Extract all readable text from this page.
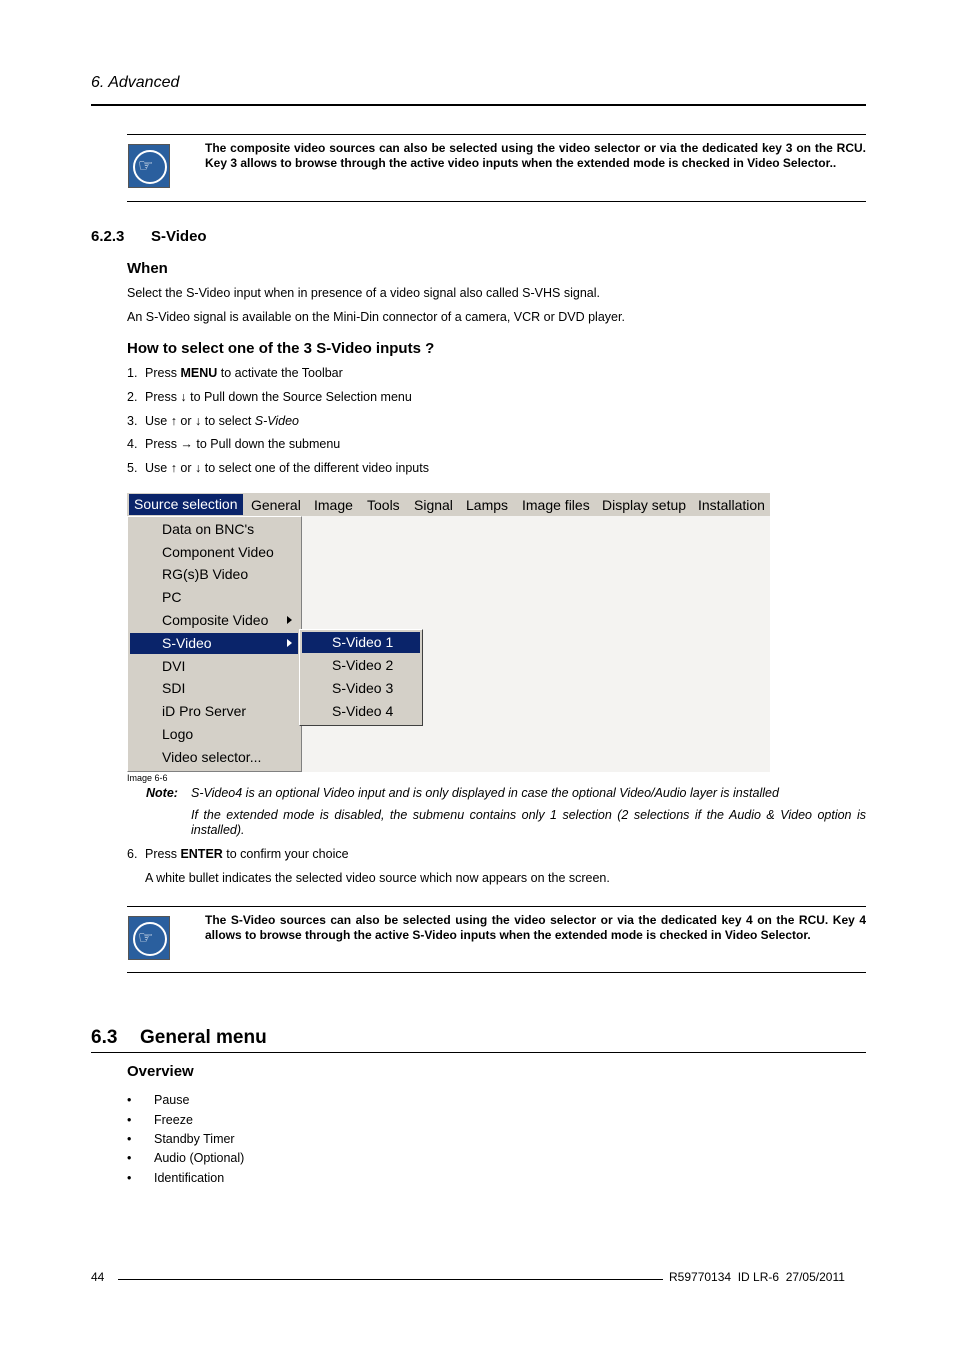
6. Advanced
☞
The composite video sources can also be selected using the video selector or via the dedicated key 3 on the RCU. Key 3 allows to browse through the active video inputs when the extended mode is checked in Video Selector..
6.2.3 S-Video
When
Select the S-Video input when in presence of a video signal also called S-VHS signal.
An S-Video signal is available on the Mini-Din connector of a camera, VCR or DVD player.
How to select one of the 3 S-Video inputs ?
1. Press MENU to activate the Toolbar
2. Press ↓ to Pull down the Source Selection menu
3. Use ↑ or ↓ to select S-Video
4. Press → to Pull down the submenu
5. Use ↑ or ↓ to select one of the different video inputs
Source selection General Image Tools Signal Lamps Image files Display setup Installation
Data on BNC's
Component Video
RG(s)B Video
PC
Composite Video
S-Video
DVI
SDI
iD Pro Server
Logo
Video selector...
S-Video 1
S-Video 2
S-Video 3
S-Video 4
Image 6-6
Note: S-Video4 is an optional Video input and is only displayed in case the optional Video/Audio layer is installed
If the extended mode is disabled, the submenu contains only 1 selection (2 selections if the Audio & Video option is installed).
6. Press ENTER to confirm your choice
A white bullet indicates the selected video source which now appears on the screen.
☞
The S-Video sources can also be selected using the video selector or via the dedicated key 4 on the RCU. Key 4 allows to browse through the active S-Video inputs when the extended mode is checked in Video Selector.
6.3 General menu
Overview
• Pause
• Freeze
• Standby Timer
• Audio (Optional)
• Identification
44	R59770134  ID LR-6  27/05/2011
